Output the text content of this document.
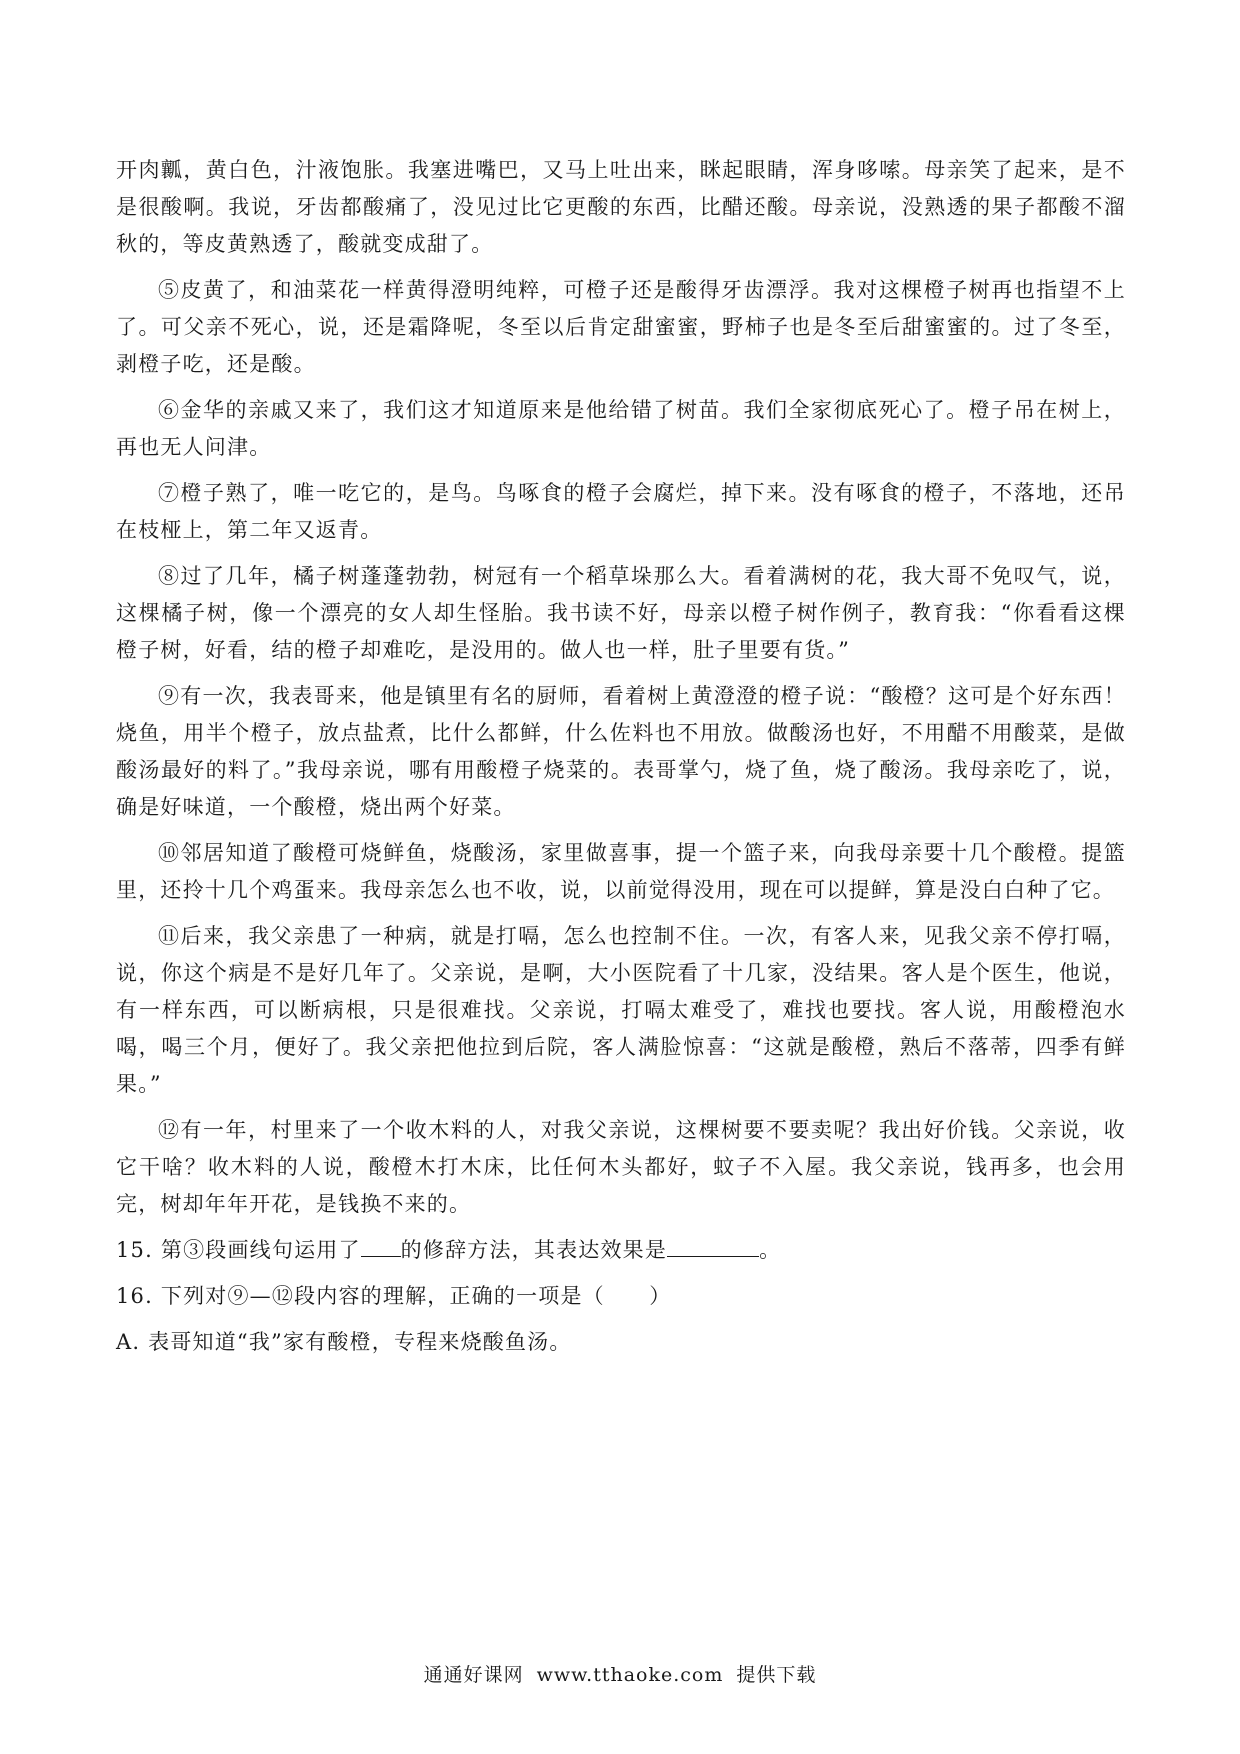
开肉瓤，黄白色，汁液饱胀。我塞进嘴巴，又马上吐出来，眯起眼睛，浑身哆嗦。母亲笑了起来，是不是很酸啊。我说，牙齿都酸痛了，没见过比它更酸的东西，比醋还酸。母亲说，没熟透的果子都酸不溜秋的，等皮黄熟透了，酸就变成甜了。

⑤皮黄了，和油菜花一样黄得澄明纯粹，可橙子还是酸得牙齿漂浮。我对这棵橙子树再也指望不上了。可父亲不死心，说，还是霜降呢，冬至以后肯定甜蜜蜜，野柿子也是冬至后甜蜜蜜的。过了冬至，剥橙子吃，还是酸。

⑥金华的亲戚又来了，我们这才知道原来是他给错了树苗。我们全家彻底死心了。橙子吊在树上，再也无人问津。

⑦橙子熟了，唯一吃它的，是鸟。鸟啄食的橙子会腐烂，掉下来。没有啄食的橙子，不落地，还吊在枝桠上，第二年又返青。

⑧过了几年，橘子树蓬蓬勃勃，树冠有一个稻草垛那么大。看着满树的花，我大哥不免叹气，说，这棵橘子树，像一个漂亮的女人却生怪胎。我书读不好，母亲以橙子树作例子，教育我：“你看看这棵橙子树，好看，结的橙子却难吃，是没用的。做人也一样，肚子里要有货。”

⑨有一次，我表哥来，他是镇里有名的厨师，看着树上黄澄澄的橙子说：“酸橙？这可是个好东西！烧鱼，用半个橙子，放点盐煮，比什么都鲜，什么佐料也不用放。做酸汤也好，不用醋不用酸菜，是做酸汤最好的料了。”我母亲说，哪有用酸橙子烧菜的。表哥掌勺，烧了鱼，烧了酸汤。我母亲吃了，说，确是好味道，一个酸橙，烧出两个好菜。

⑩邻居知道了酸橙可烧鲜鱼，烧酸汤，家里做喜事，提一个篮子来，向我母亲要十几个酸橙。提篮里，还拎十几个鸡蛋来。我母亲怎么也不收，说，以前觉得没用，现在可以提鲜，算是没白白种了它。

⑪后来，我父亲患了一种病，就是打嗝，怎么也控制不住。一次，有客人来，见我父亲不停打嗝，说，你这个病是不是好几年了。父亲说，是啊，大小医院看了十几家，没结果。客人是个医生，他说，有一样东西，可以断病根，只是很难找。父亲说，打嗝太难受了，难找也要找。客人说，用酸橙泡水喝，喝三个月，便好了。我父亲把他拉到后院，客人满脸惊喜：“这就是酸橙，熟后不落蒂，四季有鲜果。”

⑫有一年，村里来了一个收木料的人，对我父亲说，这棵树要不要卖呢？我出好价钱。父亲说，收它干啥？收木料的人说，酸橙木打木床，比任何木头都好，蚊子不入屋。我父亲说，钱再多，也会用完，树却年年开花，是钱换不来的。

15. 第③段画线句运用了 的修辞方法，其表达效果是	。

16. 下列对⑨—⑫段内容的理解，正确的一项是（　　）

A. 表哥知道“我”家有酸橙，专程来烧酸鱼汤。

通通好课网 www.tthaoke.com 提供下载
